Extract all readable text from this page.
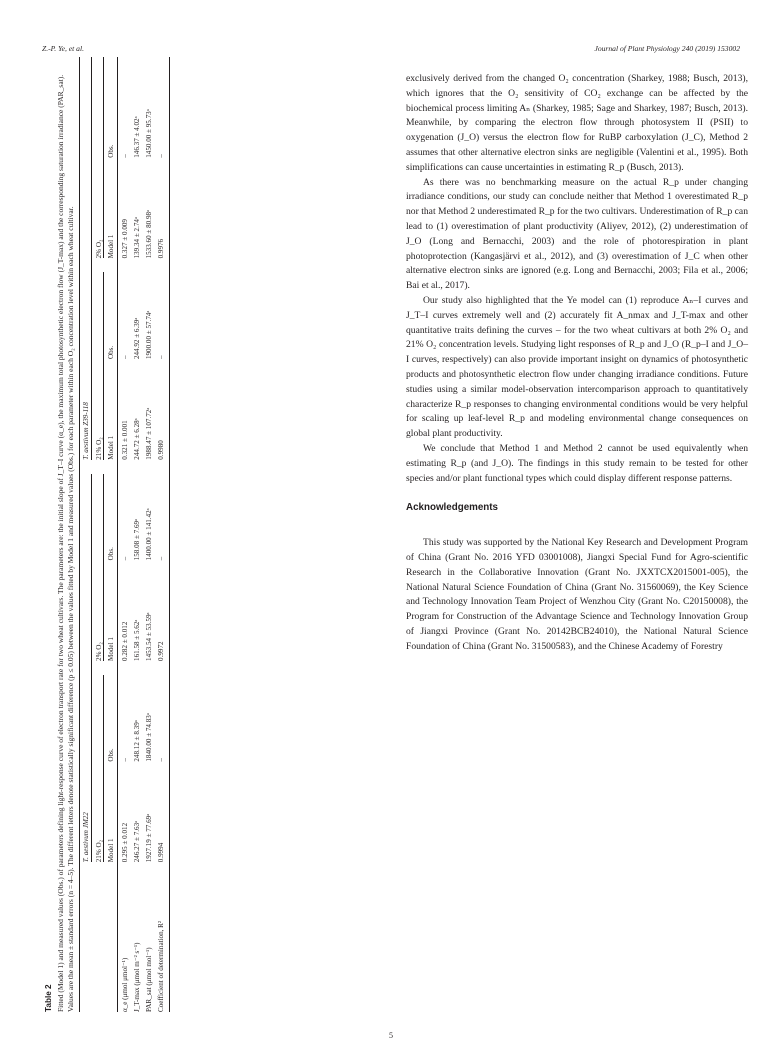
Z.-P. Ye, et al.	Journal of Plant Physiology 240 (2019) 153002
Table 2 Fitted (Model 1) and measured values (Obs.) of parameters defining light-response curve of electron transport rate for two wheat cultivars. The parameters are: the initial slope of J_T–I curve (α_e), the maximum total photosynthetic electron flow (J_T-max) and the corresponding saturation irradiance (PAR_sat). Values are the mean ± standard errors (n = 4–5). The different letters denote statistically significant difference (p ≤ 0.05) between the values fitted by Model 1 and measured values (Obs.) for each parameter within each O₂ concentration level within each wheat cultivar.

	T. aestivum JM22				T. aestivum Z39-118			

	21% O₂		2% O₂		21% O₂		2% O₂	

	Model 1	Obs.	Model 1	Obs.	Model 1	Obs.	Model 1	Obs.

α_e (μmol μmol⁻¹)	0.295 ± 0.012	–	0.282 ± 0.012	–	0.321 ± 0.001	–	0.327 ± 0.009	–
J_T-max (μmol m⁻² s⁻¹)	246.27 ± 7.63ᵃ	248.12 ± 8.39ᵃ	161.58 ± 5.62ᵃ	158.08 ± 7.69ᵃ	244.72 ± 6.28ᵃ	244.92 ± 6.39ᵃ	139.34 ± 2.74ᵃ	146.37 ± 4.02ᵃ
PAR_sat (μmol mol⁻¹)	1927.19 ± 77.69ᵃ	1840.00 ± 74.83ᵃ	1453.54 ± 53.59ᵃ	1400.00 ± 141.42ᵃ	1988.47 ± 107.72ᵃ	1900.00 ± 57.74ᵃ	1533.60 ± 80.98ᵃ	1450.00 ± 95.73ᵃ
Coefficient of determination, R²	0.9994	–	0.9972	–	0.9980	–	0.9976	–

exclusively derived from the changed O₂ concentration (Sharkey, 1988; Busch, 2013), which ignores that the O₂ sensitivity of CO₂ exchange can be affected by the biochemical process limiting Aₙ (Sharkey, 1985; Sage and Sharkey, 1987; Busch, 2013). Meanwhile, by comparing the electron flow through photosystem II (PSII) to oxygenation (J_O) versus the electron flow for RuBP carboxylation (J_C), Method 2 assumes that other alternative electron sinks are negligible (Valentini et al., 1995). Both simplifications can cause uncertainties in estimating R_p (Busch, 2013).

As there was no benchmarking measure on the actual R_p under changing irradiance conditions, our study can conclude neither that Method 1 overestimated R_p nor that Method 2 underestimated R_p for the two cultivars. Underestimation of R_p can lead to (1) overestimation of plant productivity (Aliyev, 2012), (2) underestimation of J_O (Long and Bernacchi, 2003) and the role of photorespiration in plant photoprotection (Kangasjärvi et al., 2012), and (3) overestimation of J_C when other alternative electron sinks are ignored (e.g. Long and Bernacchi, 2003; Fila et al., 2006; Bai et al., 2017).

Our study also highlighted that the Ye model can (1) reproduce Aₙ–I curves and J_T–I curves extremely well and (2) accurately fit A_nmax and J_T-max and other quantitative traits defining the curves – for the two wheat cultivars at both 2% O₂ and 21% O₂ concentration levels. Studying light responses of R_p and J_O (R_p–I and J_O–I curves, respectively) can also provide important insight on dynamics of photosynthetic products and photosynthetic electron flow under changing irradiance conditions. Future studies using a similar model-observation intercomparison approach to quantitatively characterize R_p responses to changing environmental conditions would be very helpful for scaling up leaf-level R_p and modeling environmental change consequences on global plant productivity.

We conclude that Method 1 and Method 2 cannot be used equivalently when estimating R_p (and J_O). The findings in this study remain to be tested for other species and/or plant functional types which could display different response patterns.

Acknowledgements

This study was supported by the National Key Research and Development Program of China (Grant No. 2016 YFD 03001008), Jiangxi Special Fund for Agro-scientific Research in the Collaborative Innovation (Grant No. JXXTCX2015001-005), the National Natural Science Foundation of China (Grant No. 31560069), the Key Science and Technology Innovation Team Project of Wenzhou City (Grant No. C20150008), the Program for Construction of the Advantage Science and Technology Innovation Group of Jiangxi Province (Grant No. 20142BCB24010), the National Natural Science Foundation of China (Grant No. 31500583), and the Chinese Academy of Forestry

5
